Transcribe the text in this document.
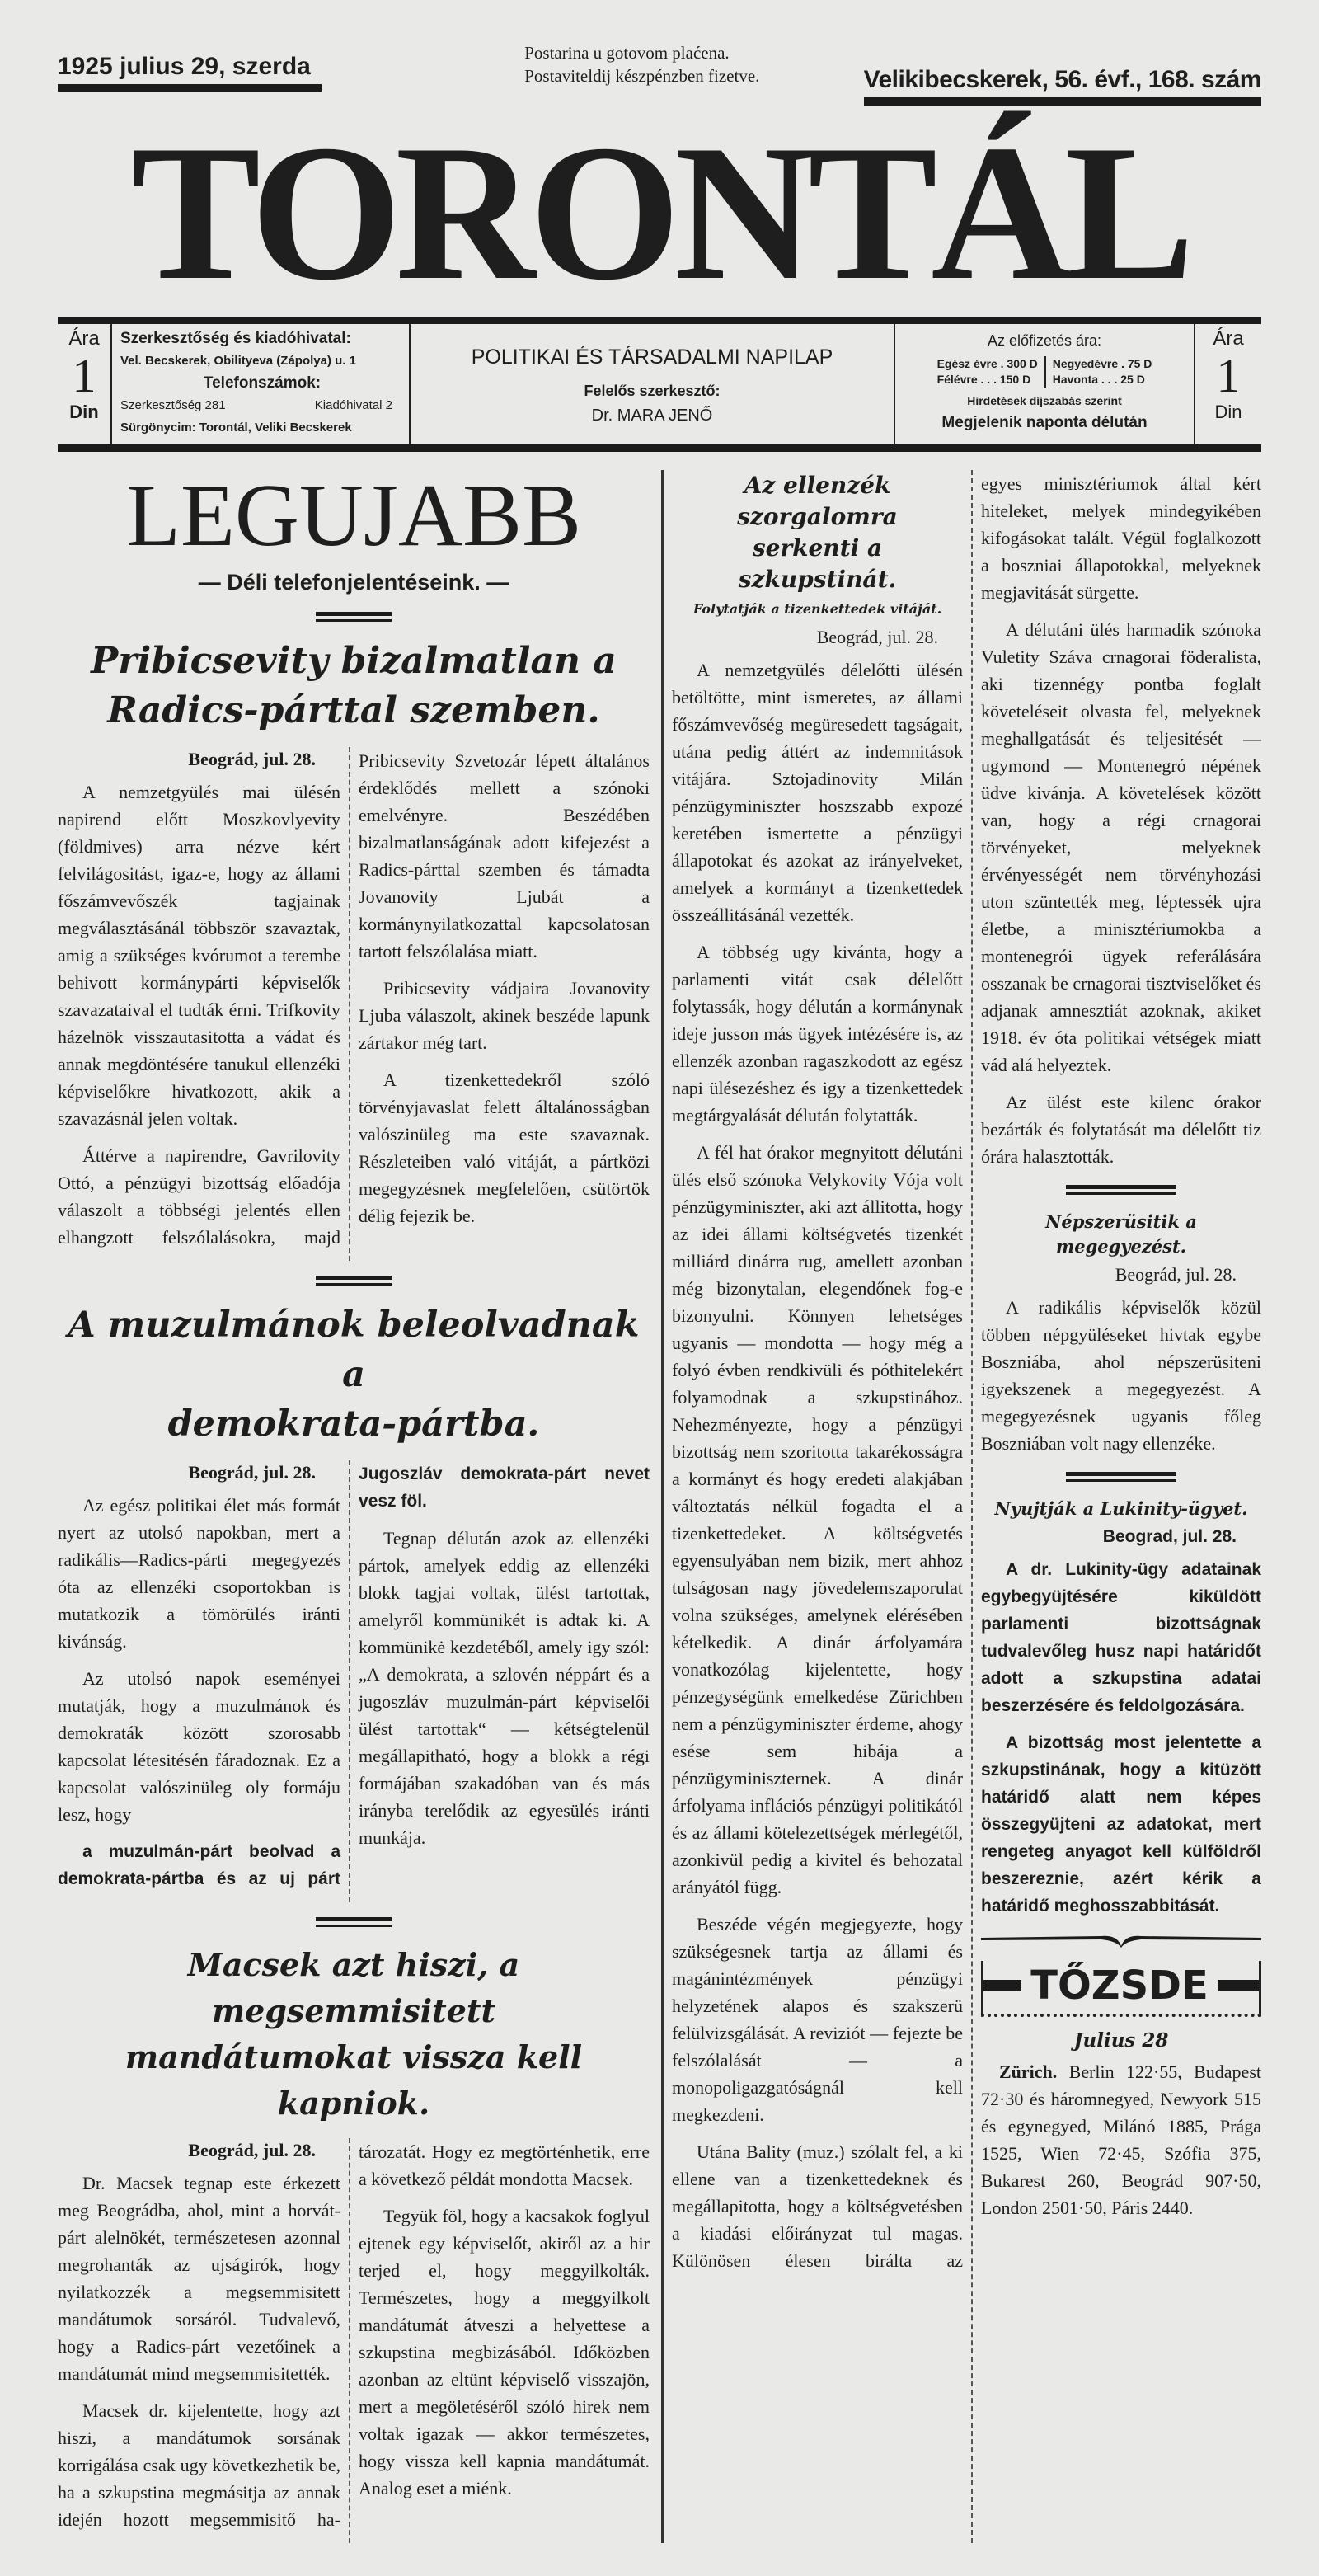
1925 julius 29, szerda	Postarina u gotovom plaćena.
Postaviteldij készpénzben fizetve.	Velikibecskerek, 56. évf., 168. szám
TORONTÁL
Ára
1
Din
Szerkesztőség és kiadóhivatal:
Vel. Becskerek, Obilityeva (Zápolya) u. 1
Telefonszámok:
Szerkesztőség 281	Kiadóhivatal 2
Sürgönycim: Torontál, Veliki Becskerek
POLITIKAI ÉS TÁRSADALMI NAPILAP
Felelős szerkesztő:
Dr. MARA JENŐ
Az előfizetés ára:
Egész évre . 300 D
Félévre . . . 150 D
Negyedévre . 75 D
Havonta . . . 25 D
Hirdetések díjszabás szerint
Megjelenik naponta délután
Ára
1
Din
LEGUJABB
— Déli telefonjelentéseink. —
Pribicsevity bizalmatlan a
Radics-párttal szemben.
Beográd, jul. 28.

A nemzetgyülés mai ülésén napirend előtt Moszkovlyevity (földmives) arra nézve kért felvilágositást, igaz-e, hogy az állami főszámvevőszék tagjainak megválasztásánál többször szavaztak, amig a szükséges kvórumot a terembe behivott kormánypárti képviselők szavazataival el tudták érni. Trifkovity házelnök visszautasitotta a vádat és annak megdöntésére tanukul ellenzéki képviselőkre hivatkozott, akik a szavazásnál jelen voltak.

Áttérve a napirendre, Gavrilovity Ottó, a pénzügyi bizottság előadója válaszolt a többségi jelentés ellen elhangzott felszólalásokra, majd

Pribicsevity Szvetozár lépett általános érdeklődés mellett a szónoki emelvényre. Beszédében bizalmatlanságának adott kifejezést a Radics-párttal szemben és támadta Jovanovity Ljubát a kormánynyilatkozattal kapcsolatosan tartott felszólalása miatt.

Pribicsevity vádjaira Jovanovity Ljuba válaszolt, akinek beszéde lapunk zártakor még tart.

A tizenkettedekről szóló törvényjavaslat felett általánosságban valószinüleg ma este szavaznak. Részleteiben való vitáját, a pártközi megegyzésnek megfelelően, csütörtök délig fejezik be.

A muzulmánok beleolvadnak a
demokrata-pártba.
Beográd, jul. 28.

Az egész politikai élet más formát nyert az utolsó napokban, mert a radikális—Radics-párti megegyezés óta az ellenzéki csoportokban is mutatkozik a tömörülés iránti kivánság.

Az utolsó napok eseményei mutatják, hogy a muzulmánok és demokraták között szorosabb kapcsolat létesitésén fáradoznak. Ez a kapcsolat valószinüleg oly formáju lesz, hogy

a muzulmán-párt beolvad a demokrata-pártba és az uj párt

Jugoszláv demokrata-párt nevet vesz föl.

Tegnap délután azok az ellenzéki pártok, amelyek eddig az ellenzéki blokk tagjai voltak, ülést tartottak, amelyről kommünikét is adtak ki. A kommünikė kezdetéből, amely igy szól: „A demokrata, a szlovén néppárt és a jugoszláv muzulmán-párt képviselői ülést tartottak“ — kétségtelenül megállapitható, hogy a blokk a régi formájában szakadóban van és más irányba terelődik az egyesülés iránti munkája.

Macsek azt hiszi, a megsemmisitett
mandátumokat vissza kell kapniok.
Beográd, jul. 28.

Dr. Macsek tegnap este érkezett meg Beográdba, ahol, mint a horvát-párt alelnökét, természetesen azonnal megrohanták az ujságirók, hogy nyilatkozzék a megsemmisitett mandátumok sorsáról. Tudvalevő, hogy a Radics-párt vezetőinek a mandátumát mind megsemmisitették.

Macsek dr. kijelentette, hogy azt hiszi, a mandátumok sorsának korrigálása csak ugy következhetik be, ha a szkupstina megmásitja az annak idején hozott megsemmisitő ha-

tározatát. Hogy ez megtörténhetik, erre a következő példát mondotta Macsek.

Tegyük föl, hogy a kacsakok foglyul ejtenek egy képviselőt, akiről az a hir terjed el, hogy meggyilkolták. Természetes, hogy a meggyilkolt mandátumát átveszi a helyettese a szkupstina megbizásából. Időközben azonban az eltünt képviselő visszajön, mert a megöletéséről szóló hirek nem voltak igazak — akkor természetes, hogy vissza kell kapnia mandátumát. Analog eset a miénk.

Az ellenzék szorgalomra
serkenti a szkupstinát.
Folytatják a tizenkettedek vitáját.
Beográd, jul. 28.

A nemzetgyülés délelőtti ülésén betöltötte, mint ismeretes, az állami főszámvevőség megüresedett tagságait, utána pedig áttért az indemnitások vitájára. Sztojadinovity Milán pénzügyminiszter hoszszabb expozé keretében ismertette a pénzügyi állapotokat és azokat az irányelveket, amelyek a kormányt a tizenkettedek összeállitásánál vezették.

A többség ugy kivánta, hogy a parlamenti vitát csak délelőtt folytassák, hogy délután a kormánynak ideje jusson más ügyek intézésére is, az ellenzék azonban ragaszkodott az egész napi ülésezéshez és igy a tizenkettedek megtárgyalását délután folytatták.

A fél hat órakor megnyitott délutáni ülés első szónoka Velykovity Vója volt pénzügyminiszter, aki azt állitotta, hogy az idei állami költségvetés tizenkét milliárd dinárra rug, amellett azonban még bizonytalan, elegendőnek fog-e bizonyulni. Könnyen lehetséges ugyanis — mondotta — hogy még a folyó évben rendkivüli és póthitelekért folyamodnak a szkupstinához. Nehezményezte, hogy a pénzügyi bizottság nem szoritotta takarékosságra a kormányt és hogy eredeti alakjában változtatás nélkül fogadta el a tizenkettedeket. A költségvetés egyensulyában nem bizik, mert ahhoz tulságosan nagy jövedelemszaporulat volna szükséges, amelynek elérésében kételkedik. A dinár árfolyamára vonatkozólag kijelentette, hogy pénzegységünk emelkedése Zürichben nem a pénzügyminiszter érdeme, ahogy esése sem hibája a pénzügyminiszternek. A dinár árfolyama inflációs pénzügyi politikától és az állami kötelezettségek mérlegétől, azonkivül pedig a kivitel és behozatal arányától függ.

Beszéde végén megjegyezte, hogy szükségesnek tartja az állami és magánintézmények pénzügyi helyzetének alapos és szakszerü felülvizsgálását. A reviziót — fejezte be felszólalását — a monopoligazgatóságnál kell megkezdeni.

Utána Bality (muz.) szólalt fel, a ki ellene van a tizenkettedeknek és megállapitotta, hogy a költségvetésben a kiadási előirányzat tul magas. Különösen élesen birálta az

egyes minisztériumok által kért hiteleket, melyek mindegyikében kifogásokat talált. Végül foglalkozott a boszniai állapotokkal, melyeknek megjavitását sürgette.

A délutáni ülés harmadik szónoka Vuletity Száva crnagorai föderalista, aki tizennégy pontba foglalt követeléseit olvasta fel, melyeknek meghallgatását és teljesitését — ugymond — Montenegró népének üdve kivánja. A követelések között van, hogy a régi crnagorai törvényeket, melyeknek érvényességét nem törvényhozási uton szüntették meg, léptessék ujra életbe, a minisztériumokba a montenegrói ügyek referálására osszanak be crnagorai tisztviselőket és adjanak amnesztiát azoknak, akiket 1918. év óta politikai vétségek miatt vád alá helyeztek.

Az ülést este kilenc órakor bezárták és folytatását ma délelőtt tiz órára halasztották.

Népszerüsitik a megegyezést.
Beográd, jul. 28.

A radikális képviselők közül többen népgyüléseket hivtak egybe Boszniába, ahol népszerüsiteni igyekszenek a megegyezést. A megegyezésnek ugyanis főleg Boszniában volt nagy ellenzéke.

Nyujtják a Lukinity-ügyet.
Beograd, jul. 28.

A dr. Lukinity-ügy adatainak egybegyüjtésére kiküldött parlamenti bizottságnak tudvalevőleg husz napi határidőt adott a szkupstina adatai beszerzésére és feldolgozására.

A bizottság most jelentette a szkupstinának, hogy a kitüzött határidő alatt nem képes összegyüjteni az adatokat, mert rengeteg anyagot kell külföldről beszereznie, azért kérik a határidő meghosszabbitását.

TŐZSDE
Julius 28

Zürich. Berlin 122·55, Budapest 72·30 és háromnegyed, Newyork 515 és egynegyed, Milánó 1885, Prága 1525, Wien 72·45, Szófia 375, Bukarest 260, Beográd 907·50, London 2501·50, Páris 2440.
